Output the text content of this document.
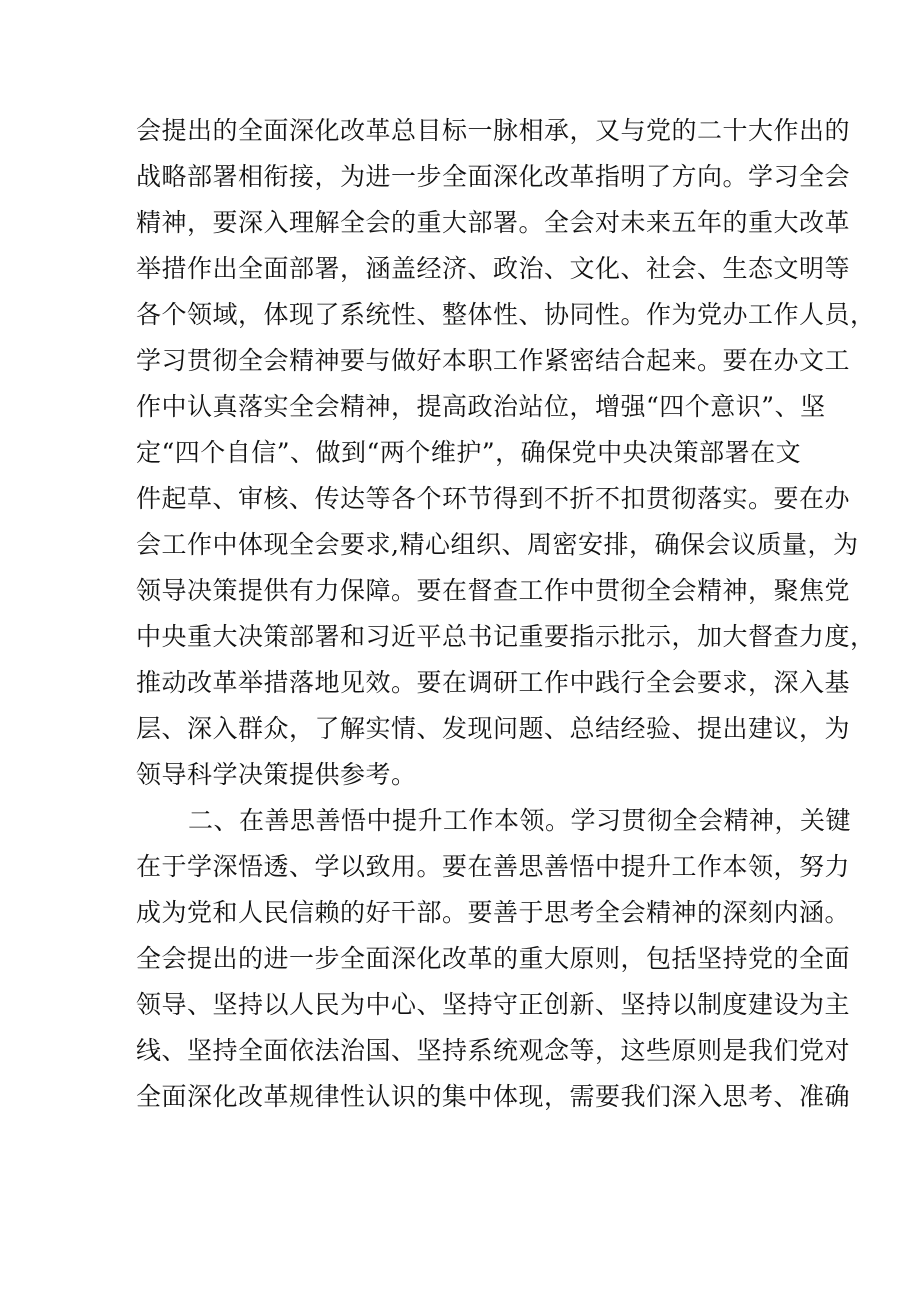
会提出的全面深化改革总目标一脉相承，又与党的二十大作出的
战略部署相衔接，为进一步全面深化改革指明了方向。学习全会
精神，要深入理解全会的重大部署。全会对未来五年的重大改革
举措作出全面部署，涵盖经济、政治、文化、社会、生态文明等
各个领域，体现了系统性、整体性、协同性。作为党办工作人员，
学习贯彻全会精神要与做好本职工作紧密结合起来。要在办文工
作中认真落实全会精神，提高政治站位，增强“四个意识”、坚
定“四个自信”、做到“两个维护”，确保党中央决策部署在文
件起草、审核、传达等各个环节得到不折不扣贯彻落实。要在办
会工作中体现全会要求,精心组织、周密安排，确保会议质量，为
领导决策提供有力保障。要在督查工作中贯彻全会精神，聚焦党
中央重大决策部署和习近平总书记重要指示批示，加大督查力度，
推动改革举措落地见效。要在调研工作中践行全会要求，深入基
层、深入群众，了解实情、发现问题、总结经验、提出建议，为
领导科学决策提供参考。
二、在善思善悟中提升工作本领。学习贯彻全会精神，关键
在于学深悟透、学以致用。要在善思善悟中提升工作本领，努力
成为党和人民信赖的好干部。要善于思考全会精神的深刻内涵。
全会提出的进一步全面深化改革的重大原则，包括坚持党的全面
领导、坚持以人民为中心、坚持守正创新、坚持以制度建设为主
线、坚持全面依法治国、坚持系统观念等，这些原则是我们党对
全面深化改革规律性认识的集中体现，需要我们深入思考、准确
